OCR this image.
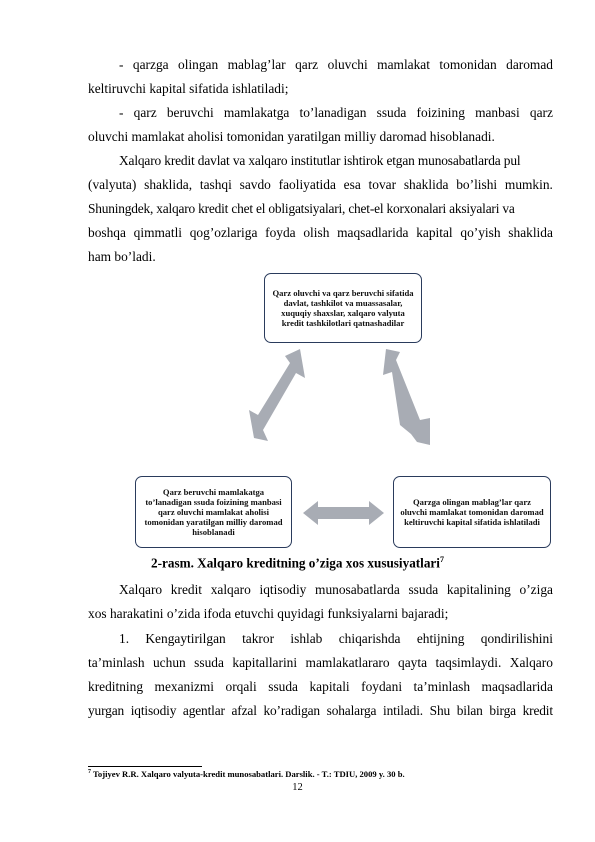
- qarzga olingan mablag’lar qarz oluvchi mamlakat tomonidan daromad
keltiruvchi kapital sifatida ishlatiladi;
- qarz beruvchi mamlakatga to’lanadigan ssuda foizining manbasi qarz
oluvchi mamlakat aholisi tomonidan yaratilgan milliy daromad hisoblanadi.
Xalqaro kredit davlat va xalqaro institutlar ishtirok etgan munosabatlarda pul
(valyuta) shaklida, tashqi savdo faoliyatida esa tovar shaklida bo’lishi mumkin.
Shuningdek, xalqaro kredit chet el obligatsiyalari, chet-el korxonalari aksiyalari va
boshqa qimmatli qog’ozlariga foyda olish maqsadlarida kapital qo’yish shaklida
ham bo’ladi.
Qarz oluvchi va qarz beruvchi sifatida davlat, tashkilot va muassasalar, xuquqiy shaxslar, xalqaro valyuta kredit tashkilotlari qatnashadilar
Qarz beruvchi mamlakatga to’lanadigan ssuda foizining manbasi qarz oluvchi mamlakat aholisi tomonidan yaratilgan milliy daromad hisoblanadi
Qarzga olingan mablag’lar qarz oluvchi mamlakat tomonidan daromad keltiruvchi kapital sifatida ishlatiladi
2-rasm. Xalqaro kreditning o’ziga xos xususiyatlari$^7$
Xalqaro kredit xalqaro iqtisodiy munosabatlarda ssuda kapitalining o’ziga
xos harakatini o’zida ifoda etuvchi quyidagi funksiyalarni bajaradi;
1. Kengaytirilgan takror ishlab chiqarishda ehtijning qondirilishini
ta’minlash uchun ssuda kapitallarini mamlakatlararo qayta taqsimlaydi. Xalqaro
kreditning mexanizmi orqali ssuda kapitali foydani ta’minlash maqsadlarida
yurgan iqtisodiy agentlar afzal ko’radigan sohalarga intiladi. Shu bilan birga kredit
$^7$ Tojiyev R.R. Xalqaro valyuta-kredit munosabatlari. Darslik. - T.: TDIU, 2009 y. 30 b.
12
